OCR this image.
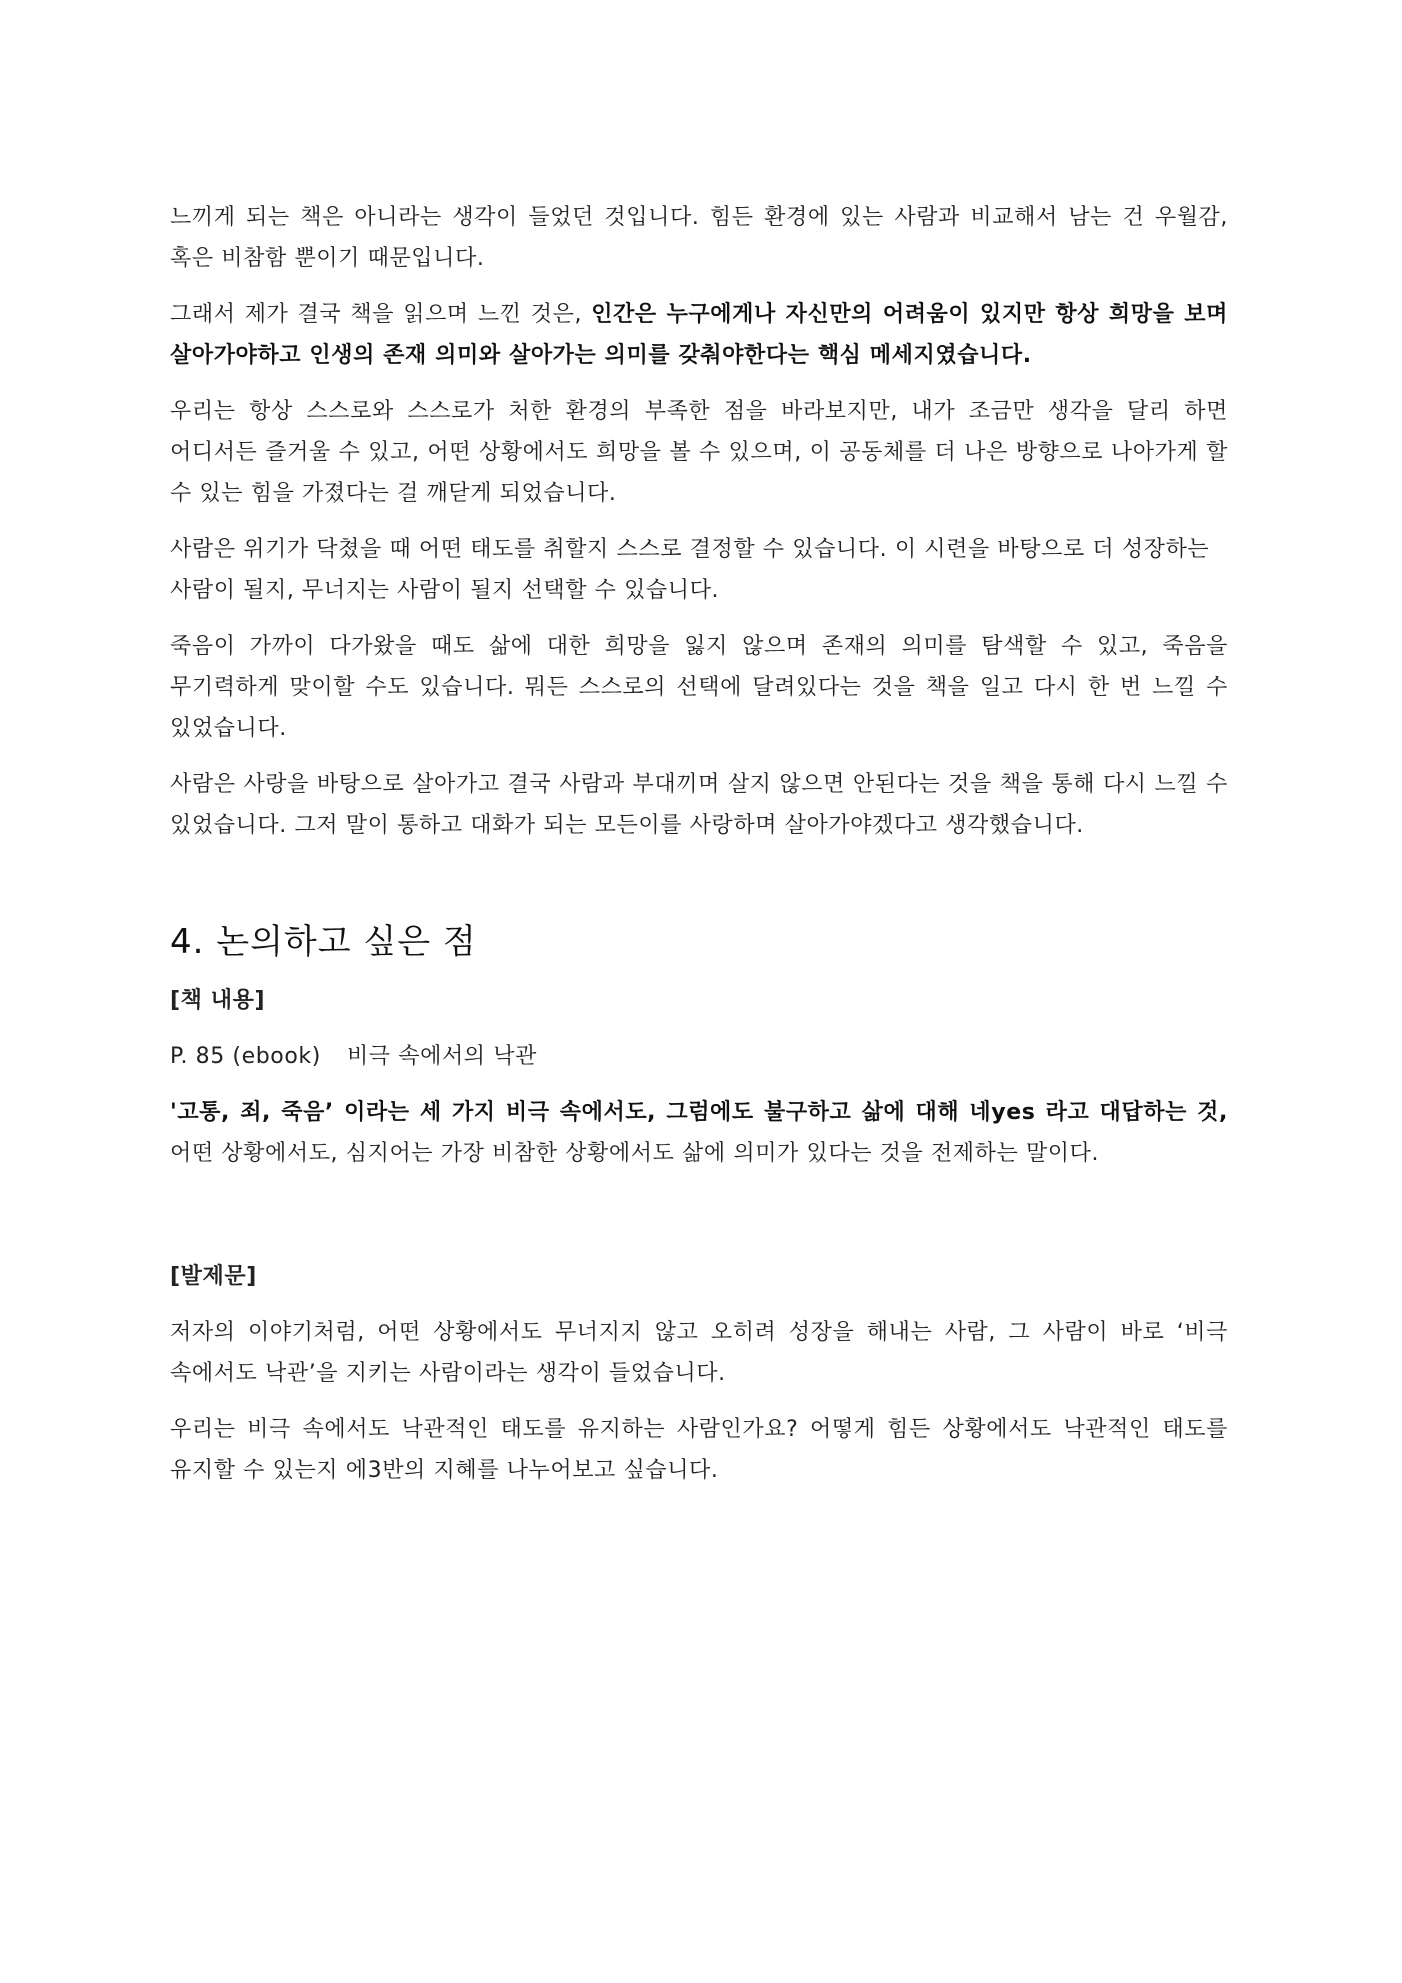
느끼게 되는 책은 아니라는 생각이 들었던 것입니다. 힘든 환경에 있는 사람과 비교해서 남는 건 우월감, 혹은 비참함 뿐이기 때문입니다.

그래서 제가 결국 책을 읽으며 느낀 것은, 인간은 누구에게나 자신만의 어려움이 있지만 항상 희망을 보며 살아가야하고 인생의 존재 의미와 살아가는 의미를 갖춰야한다는 핵심 메세지였습니다.

우리는 항상 스스로와 스스로가 처한 환경의 부족한 점을 바라보지만, 내가 조금만 생각을 달리 하면 어디서든 즐거울 수 있고, 어떤 상황에서도 희망을 볼 수 있으며, 이 공동체를 더 나은 방향으로 나아가게 할 수 있는 힘을 가졌다는 걸 깨닫게 되었습니다.

사람은 위기가 닥쳤을 때 어떤 태도를 취할지 스스로 결정할 수 있습니다. 이 시련을 바탕으로 더 성장하는 사람이 될지, 무너지는 사람이 될지 선택할 수 있습니다.

죽음이 가까이 다가왔을 때도 삶에 대한 희망을 잃지 않으며 존재의 의미를 탐색할 수 있고, 죽음을 무기력하게 맞이할 수도 있습니다. 뭐든 스스로의 선택에 달려있다는 것을 책을 일고 다시 한 번 느낄 수 있었습니다.

사람은 사랑을 바탕으로 살아가고 결국 사람과 부대끼며 살지 않으면 안된다는 것을 책을 통해 다시 느낄 수 있었습니다. 그저 말이 통하고 대화가 되는 모든이를 사랑하며 살아가야겠다고 생각했습니다.

4. 논의하고 싶은 점

[책 내용]

P. 85 (ebook) 비극 속에서의 낙관

'고통, 죄, 죽음’ 이라는 세 가지 비극 속에서도, 그럼에도 불구하고 삶에 대해 네yes 라고 대답하는 것, 어떤 상황에서도, 심지어는 가장 비참한 상황에서도 삶에 의미가 있다는 것을 전제하는 말이다.

[발제문]

저자의 이야기처럼, 어떤 상황에서도 무너지지 않고 오히려 성장을 해내는 사람, 그 사람이 바로 ‘비극 속에서도 낙관’을 지키는 사람이라는 생각이 들었습니다.

우리는 비극 속에서도 낙관적인 태도를 유지하는 사람인가요? 어떻게 힘든 상황에서도 낙관적인 태도를 유지할 수 있는지 에3반의 지혜를 나누어보고 싶습니다.
